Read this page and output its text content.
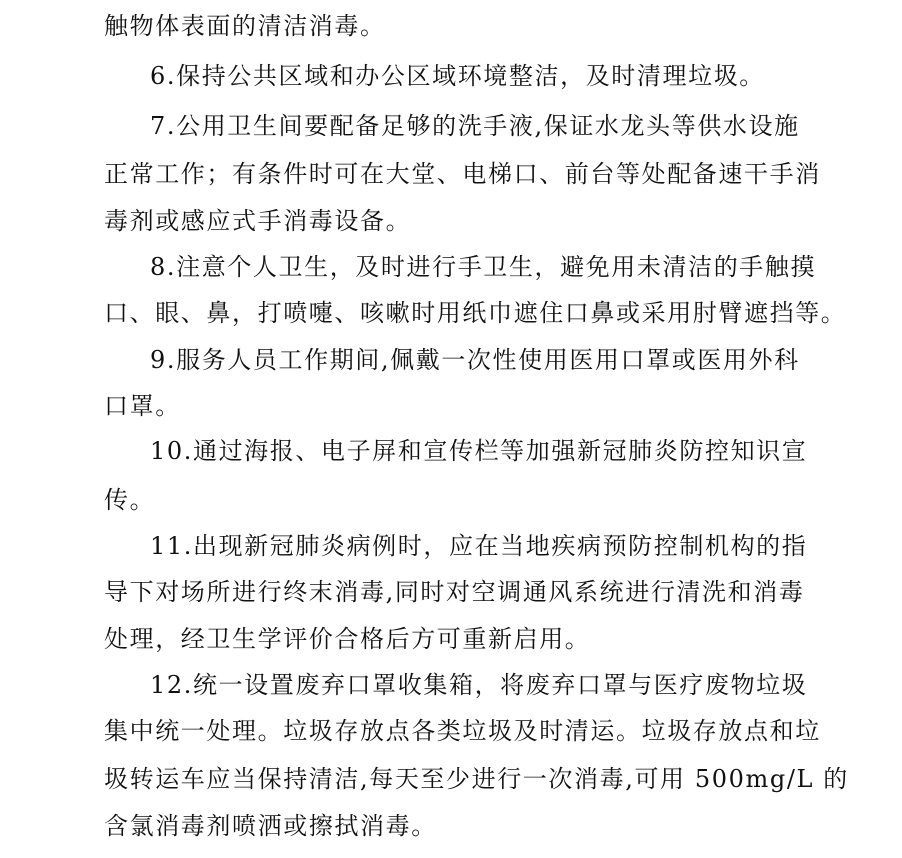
触物体表面的清洁消毒。
6.保持公共区域和办公区域环境整洁，及时清理垃圾。
7.公用卫生间要配备足够的洗手液,保证水龙头等供水设施
正常工作；有条件时可在大堂、电梯口、前台等处配备速干手消
毒剂或感应式手消毒设备。
8.注意个人卫生，及时进行手卫生，避免用未清洁的手触摸
口、眼、鼻，打喷嚏、咳嗽时用纸巾遮住口鼻或采用肘臂遮挡等。
9.服务人员工作期间,佩戴一次性使用医用口罩或医用外科
口罩。
10.通过海报、电子屏和宣传栏等加强新冠肺炎防控知识宣
传。
11.出现新冠肺炎病例时，应在当地疾病预防控制机构的指
导下对场所进行终末消毒,同时对空调通风系统进行清洗和消毒
处理，经卫生学评价合格后方可重新启用。
12.统一设置废弃口罩收集箱，将废弃口罩与医疗废物垃圾
集中统一处理。垃圾存放点各类垃圾及时清运。垃圾存放点和垃
圾转运车应当保持清洁,每天至少进行一次消毒,可用 500mg/L 的
含氯消毒剂喷洒或擦拭消毒。
